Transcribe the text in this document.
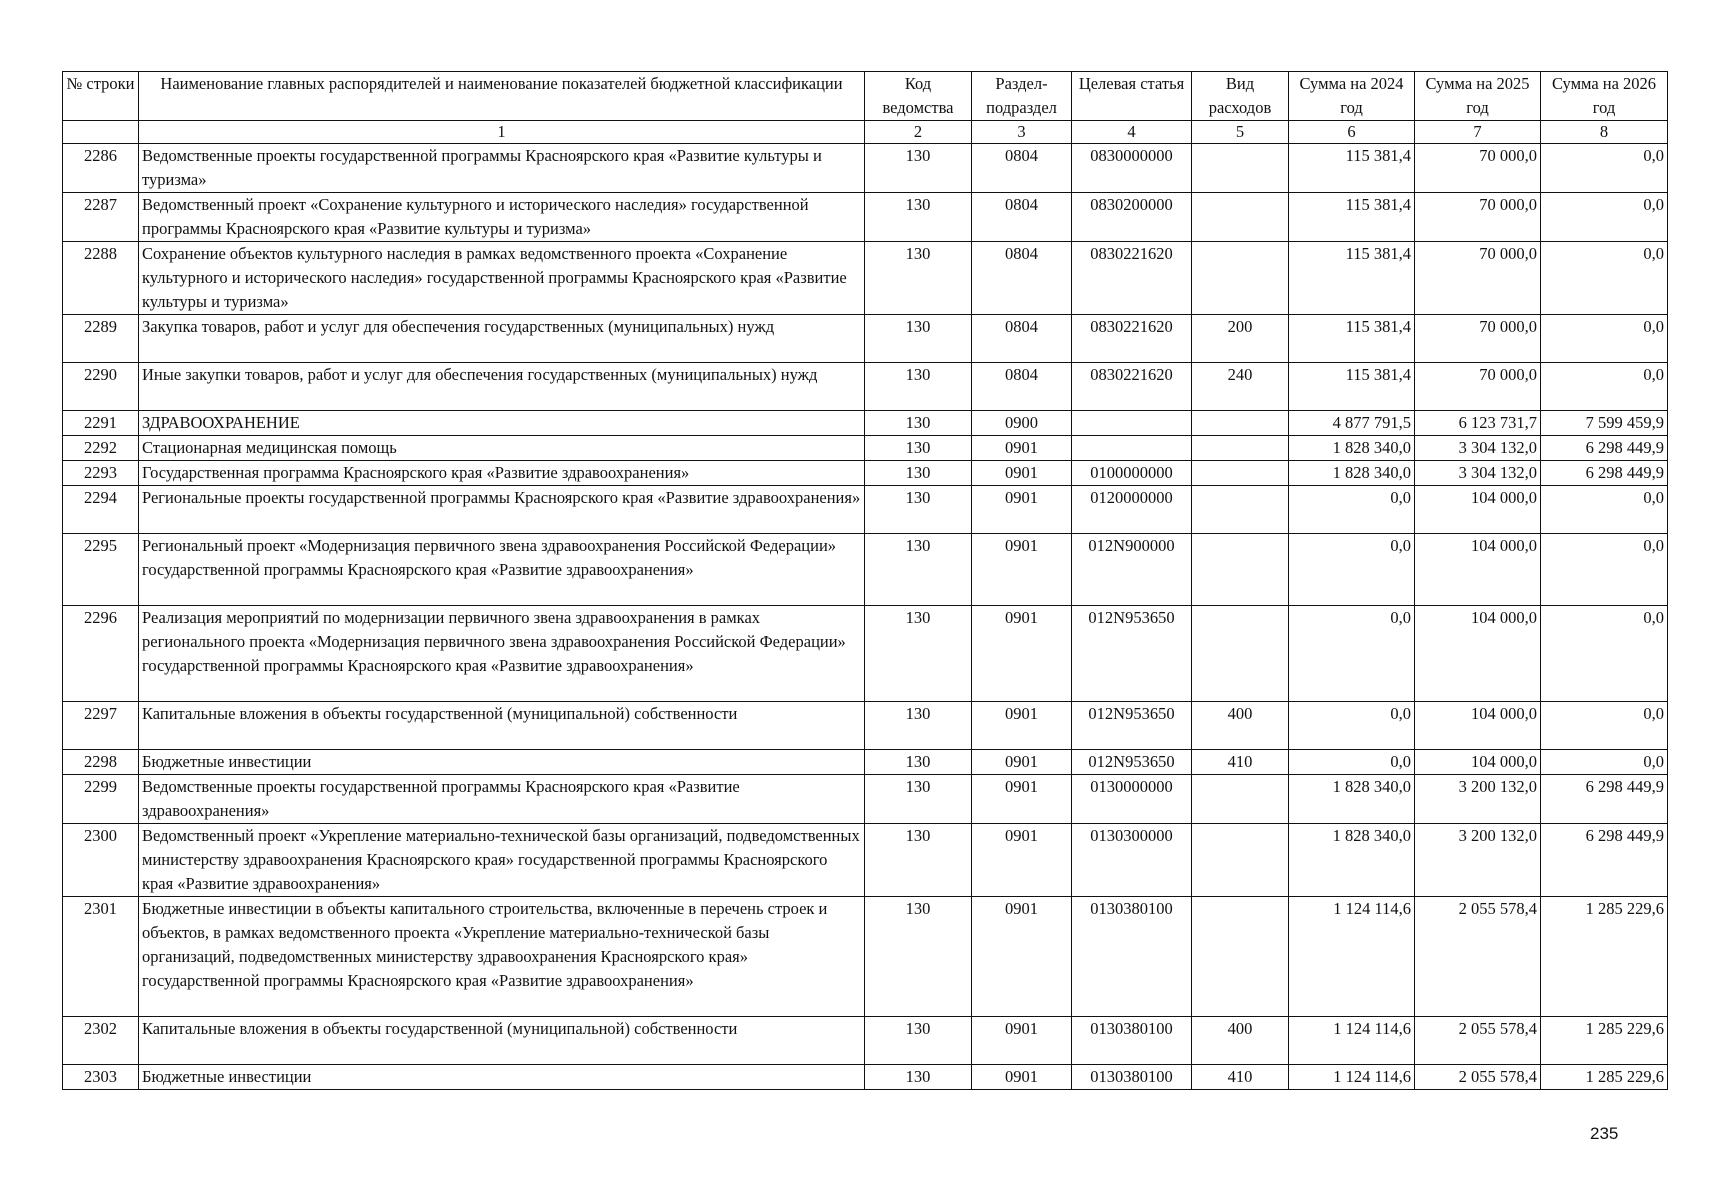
№ строки	Наименование главных распорядителей и наименование показателей бюджетной классификации	Код ведомства	Раздел-подраздел	Целевая статья	Вид расходов	Сумма на 2024 год	Сумма на 2025 год	Сумма на 2026 год
	1	2	3	4	5	6	7	8
2286	Ведомственные проекты государственной программы Красноярского края «Развитие культуры и туризма»	130	0804	0830000000		115 381,4	70 000,0	0,0
2287	Ведомственный проект «Сохранение культурного и исторического наследия» государственной программы Красноярского края «Развитие культуры и туризма»	130	0804	0830200000		115 381,4	70 000,0	0,0
2288	Сохранение объектов культурного наследия в рамках ведомственного проекта «Сохранение культурного и исторического наследия» государственной программы Красноярского края «Развитие культуры и туризма»	130	0804	0830221620		115 381,4	70 000,0	0,0
2289	Закупка товаров, работ и услуг для обеспечения государственных (муниципальных) нужд	130	0804	0830221620	200	115 381,4	70 000,0	0,0
2290	Иные закупки товаров, работ и услуг для обеспечения государственных (муниципальных) нужд	130	0804	0830221620	240	115 381,4	70 000,0	0,0
2291	ЗДРАВООХРАНЕНИЕ	130	0900			4 877 791,5	6 123 731,7	7 599 459,9
2292	Стационарная медицинская помощь	130	0901			1 828 340,0	3 304 132,0	6 298 449,9
2293	Государственная программа Красноярского края «Развитие здравоохранения»	130	0901	0100000000		1 828 340,0	3 304 132,0	6 298 449,9
2294	Региональные проекты государственной программы Красноярского края «Развитие здравоохранения»	130	0901	0120000000		0,0	104 000,0	0,0
2295	Региональный проект «Модернизация первичного звена здравоохранения Российской Федерации» государственной программы Красноярского края «Развитие здравоохранения»	130	0901	012N900000		0,0	104 000,0	0,0
2296	Реализация мероприятий по модернизации первичного звена здравоохранения в рамках регионального проекта «Модернизация первичного звена здравоохранения Российской Федерации» государственной программы Красноярского края «Развитие здравоохранения»	130	0901	012N953650		0,0	104 000,0	0,0
2297	Капитальные вложения в объекты государственной (муниципальной) собственности	130	0901	012N953650	400	0,0	104 000,0	0,0
2298	Бюджетные инвестиции	130	0901	012N953650	410	0,0	104 000,0	0,0
2299	Ведомственные проекты государственной программы Красноярского края «Развитие здравоохранения»	130	0901	0130000000		1 828 340,0	3 200 132,0	6 298 449,9
2300	Ведомственный проект «Укрепление материально-технической базы организаций, подведомственных министерству здравоохранения Красноярского края» государственной программы Красноярского края «Развитие здравоохранения»	130	0901	0130300000		1 828 340,0	3 200 132,0	6 298 449,9
2301	Бюджетные инвестиции в объекты капитального строительства, включенные в перечень строек и объектов, в рамках ведомственного проекта «Укрепление материально-технической базы организаций, подведомственных министерству здравоохранения Красноярского края» государственной программы Красноярского края «Развитие здравоохранения»	130	0901	0130380100		1 124 114,6	2 055 578,4	1 285 229,6
2302	Капитальные вложения в объекты государственной (муниципальной) собственности	130	0901	0130380100	400	1 124 114,6	2 055 578,4	1 285 229,6
2303	Бюджетные инвестиции	130	0901	0130380100	410	1 124 114,6	2 055 578,4	1 285 229,6
235
